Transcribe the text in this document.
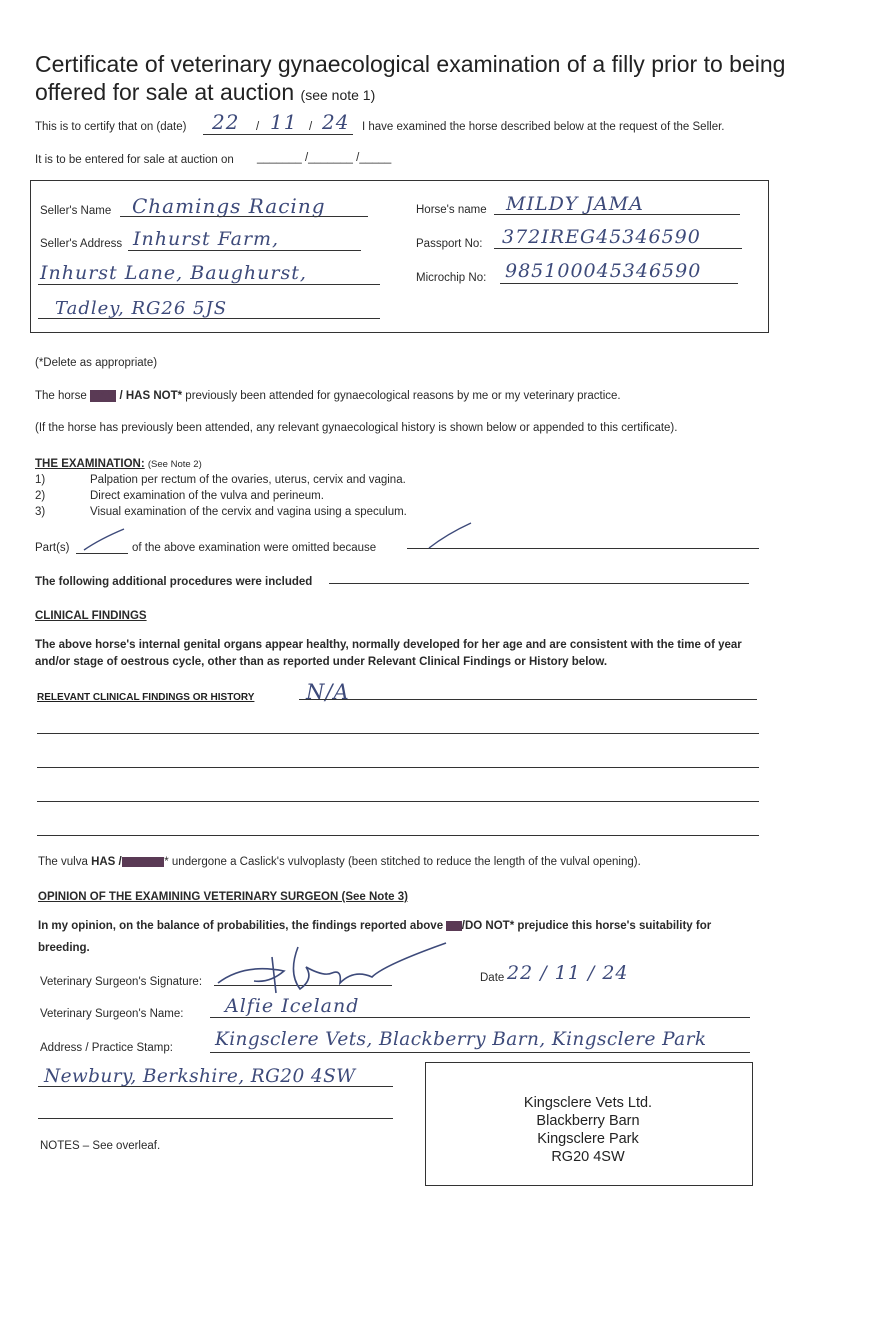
Certificate of veterinary gynaecological examination of a filly prior to being offered for sale at auction (see note 1)
This is to certify that on (date) 22 / 11 / 24 I have examined the horse described below at the request of the Seller.
It is to be entered for sale at auction on _______ /_______ /_____
Seller's Name Chamings Racing
Seller's Address Inhurst Farm,
Inhurst Lane, Baughurst,
Tadley, RG26 5JS
Horse's name MILDY JAMA
Passport No: 372IREG45346590
Microchip No: 985100045346590
(*Delete as appropriate)
The horse HAS / HAS NOT* previously been attended for gynaecological reasons by me or my veterinary practice.
(If the horse has previously been attended, any relevant gynaecological history is shown below or appended to this certificate).
THE EXAMINATION: (See Note 2)
1)	Palpation per rectum of the ovaries, uterus, cervix and vagina.
2)	Direct examination of the vulva and perineum.
3)	Visual examination of the cervix and vagina using a speculum.
Part(s)	of the above examination were omitted because
The following additional procedures were included
CLINICAL FINDINGS
The above horse's internal genital organs appear healthy, normally developed for her age and are consistent with the time of year and/or stage of oestrous cycle, other than as reported under Relevant Clinical Findings or History below.
RELEVANT CLINICAL FINDINGS OR HISTORY N/A
The vulva HAS /HAS NOT* undergone a Caslick's vulvoplasty (been stitched to reduce the length of the vulval opening).
OPINION OF THE EXAMINING VETERINARY SURGEON (See Note 3)
In my opinion, on the balance of probabilities, the findings reported above DO/DO NOT* prejudice this horse's suitability for
breeding.
Veterinary Surgeon's Signature:	Date 22 / 11 / 24
Veterinary Surgeon's Name: Alfie Iceland
Address / Practice Stamp: Kingsclere Vets, Blackberry Barn, Kingsclere Park
Newbury, Berkshire, RG20 4SW
Kingsclere Vets Ltd.
Blackberry Barn
Kingsclere Park
RG20 4SW
NOTES – See overleaf.
